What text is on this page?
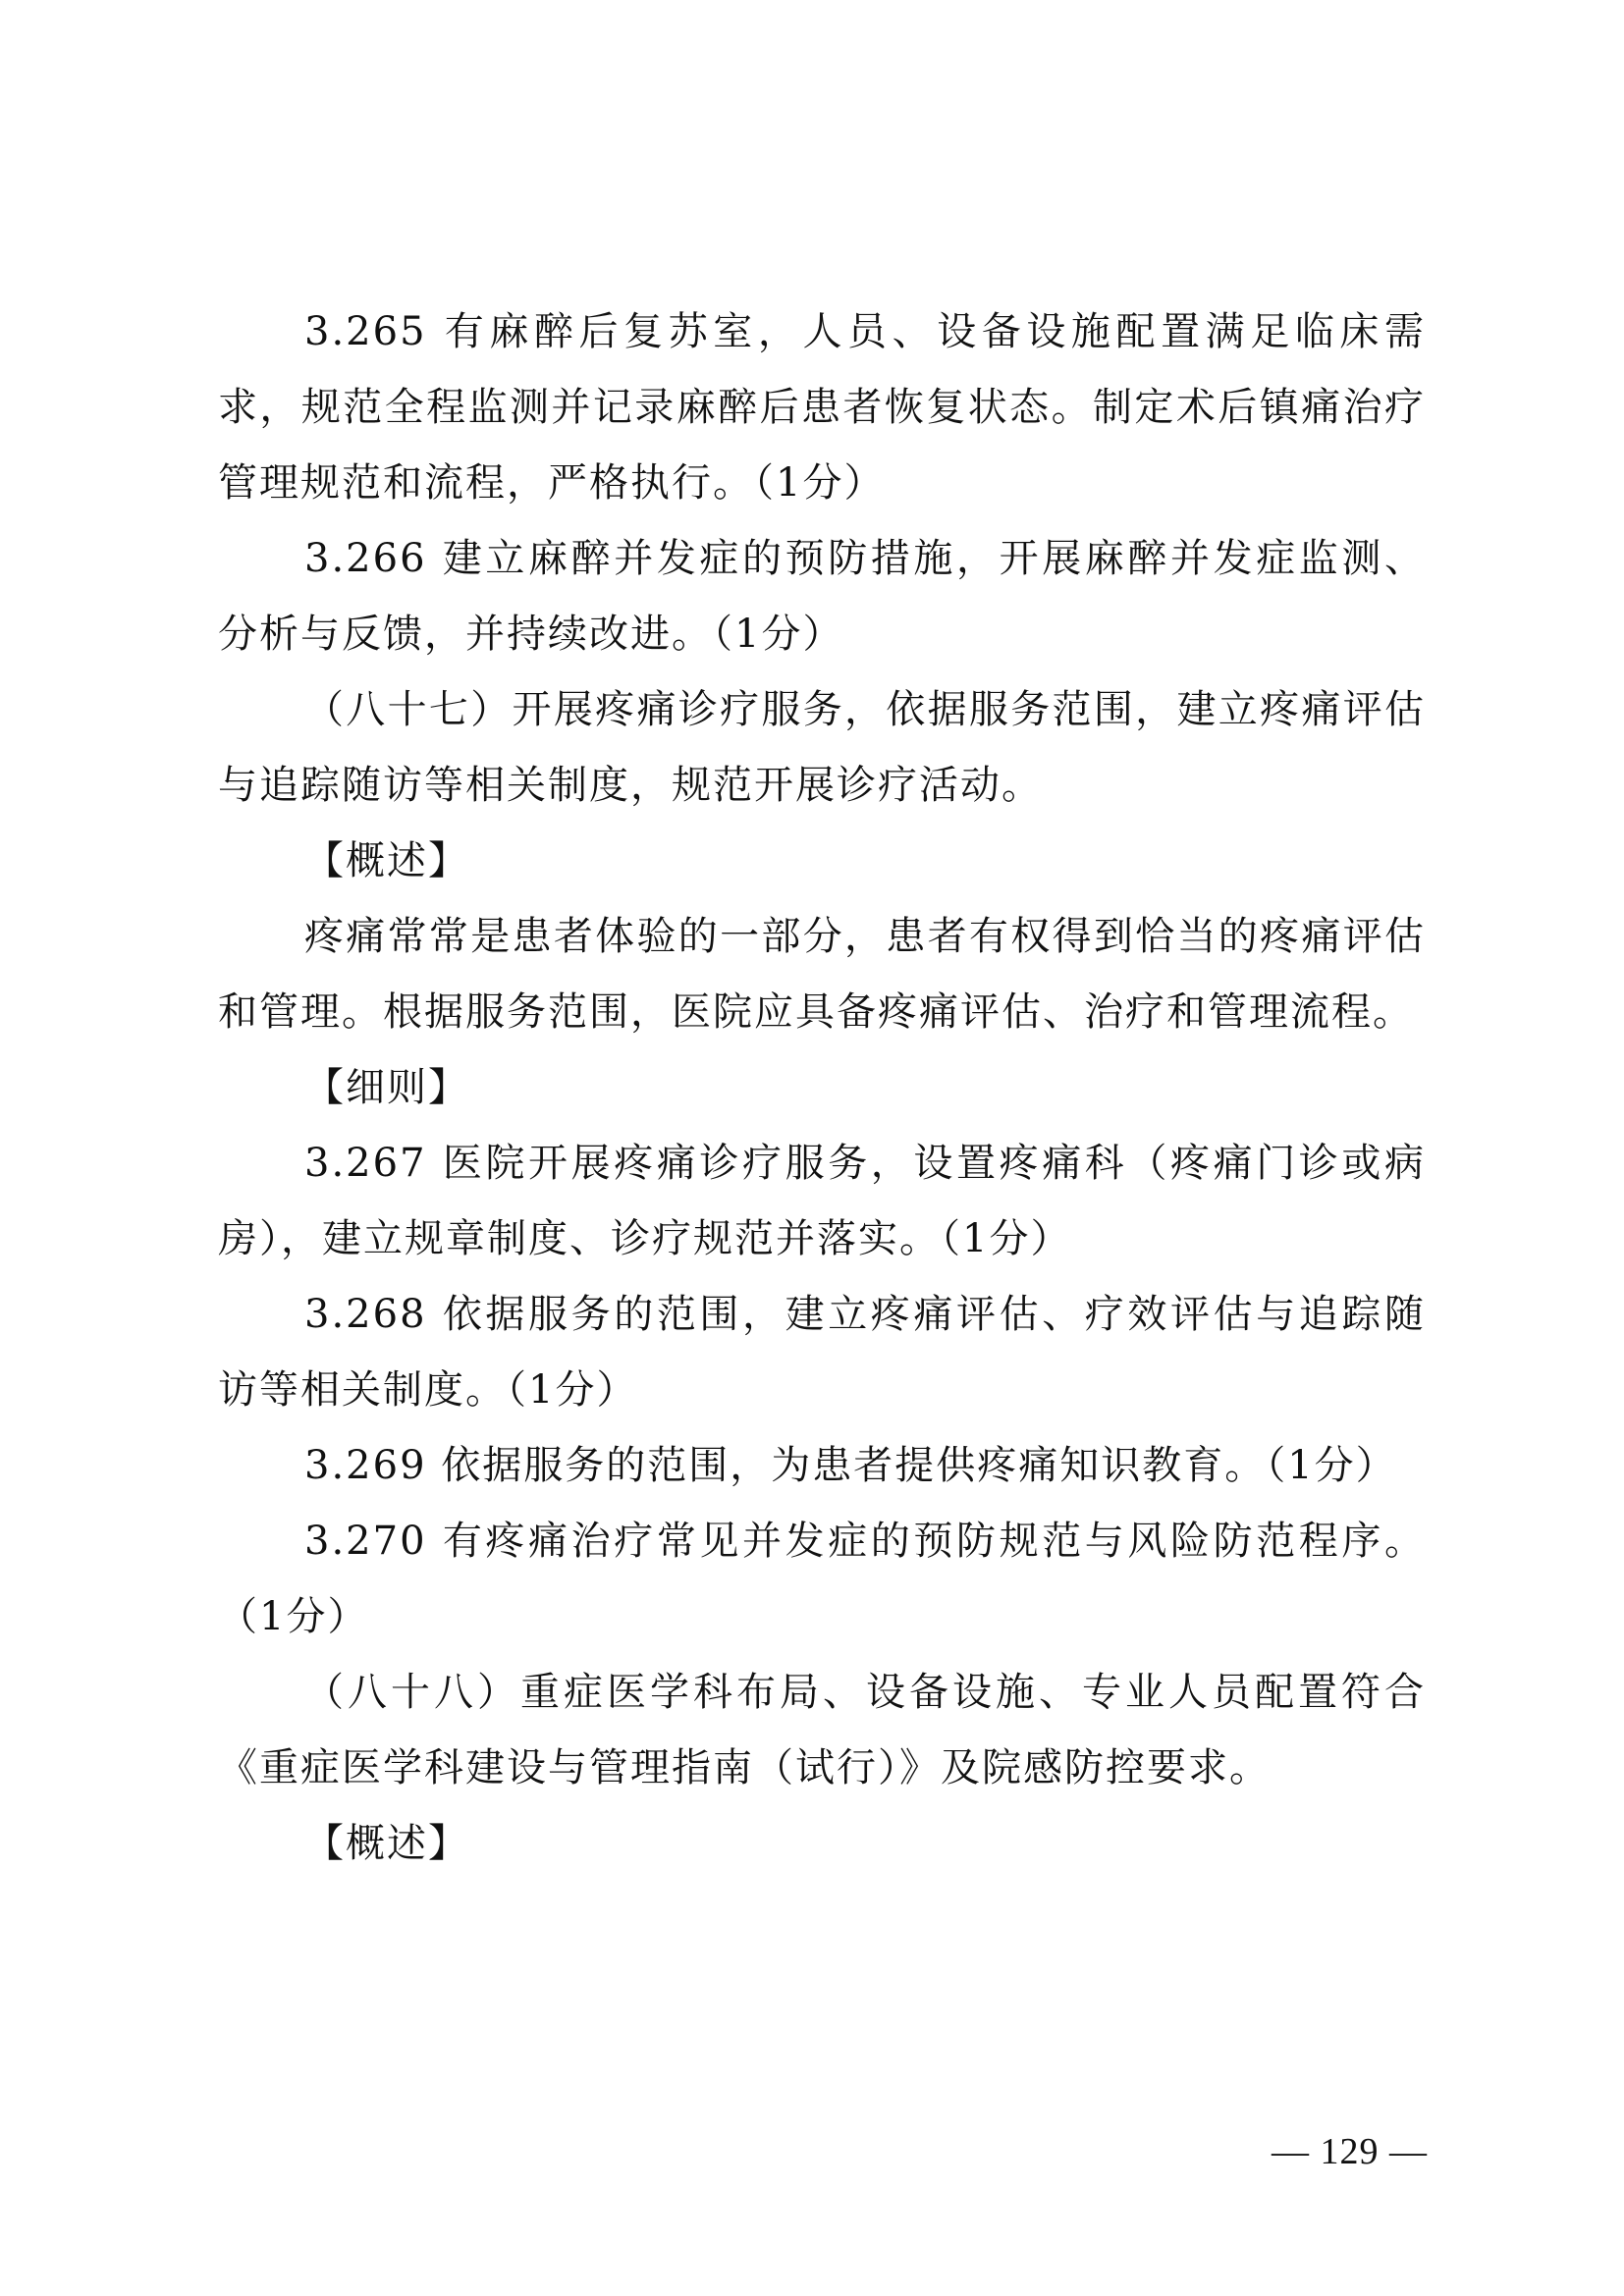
3.265 有麻醉后复苏室，人员、设备设施配置满足临床需求，规范全程监测并记录麻醉后患者恢复状态。制定术后镇痛治疗管理规范和流程，严格执行。（1分）

3.266 建立麻醉并发症的预防措施，开展麻醉并发症监测、分析与反馈，并持续改进。（1分）

（八十七）开展疼痛诊疗服务，依据服务范围，建立疼痛评估与追踪随访等相关制度，规范开展诊疗活动。

【概述】

疼痛常常是患者体验的一部分，患者有权得到恰当的疼痛评估和管理。根据服务范围，医院应具备疼痛评估、治疗和管理流程。

【细则】

3.267 医院开展疼痛诊疗服务，设置疼痛科（疼痛门诊或病房），建立规章制度、诊疗规范并落实。（1分）

3.268 依据服务的范围，建立疼痛评估、疗效评估与追踪随访等相关制度。（1分）

3.269 依据服务的范围，为患者提供疼痛知识教育。（1分）

3.270 有疼痛治疗常见并发症的预防规范与风险防范程序。（1分）

（八十八）重症医学科布局、设备设施、专业人员配置符合《重症医学科建设与管理指南（试行）》及院感防控要求。

【概述】

— 129 —
